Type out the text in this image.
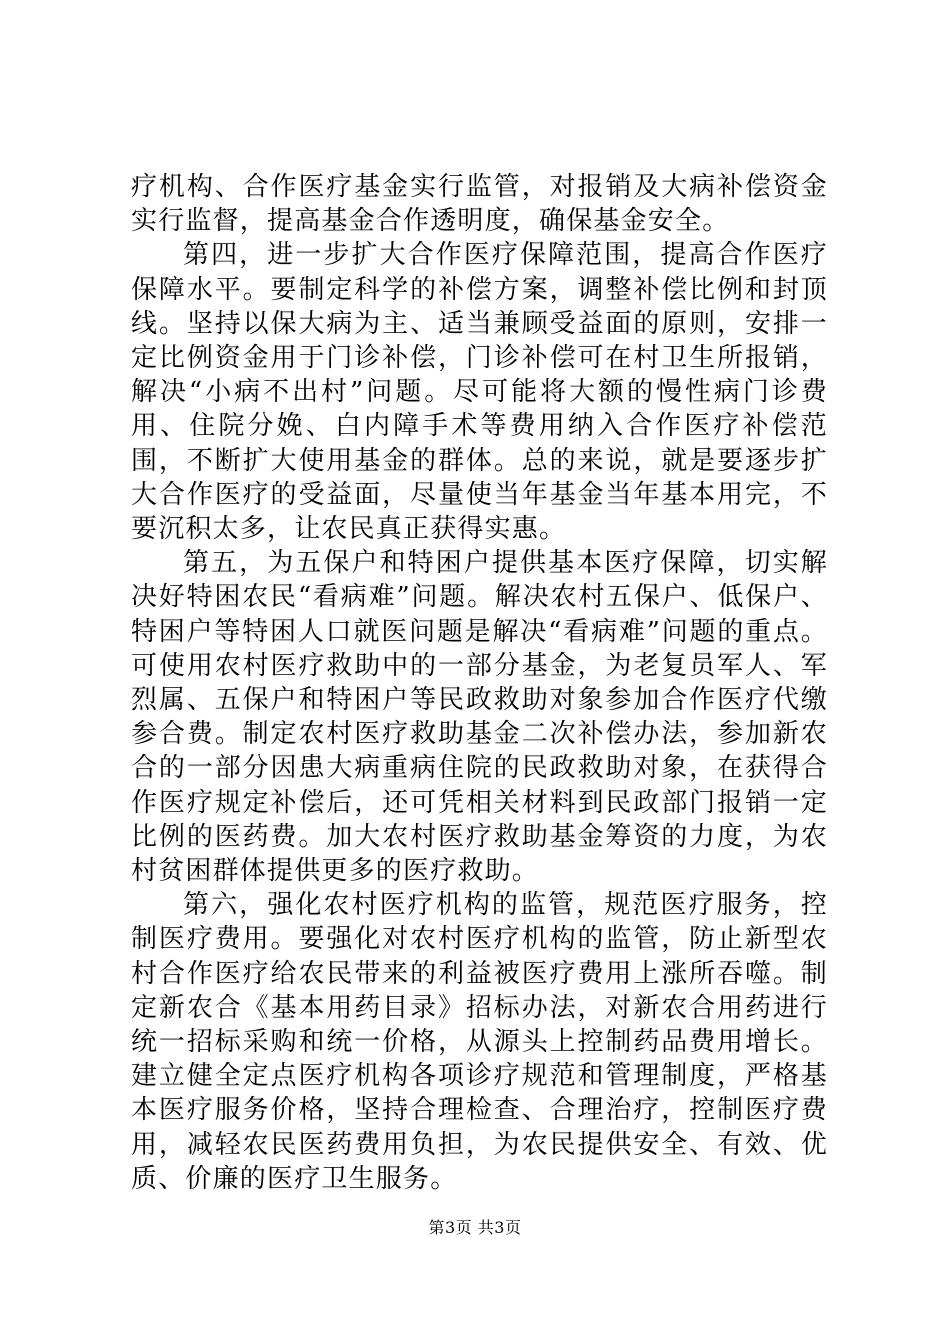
疗机构、合作医疗基金实行监管，对报销及大病补偿资金实行监督，提高基金合作透明度，确保基金安全。

第四，进一步扩大合作医疗保障范围，提高合作医疗保障水平。要制定科学的补偿方案，调整补偿比例和封顶线。坚持以保大病为主、适当兼顾受益面的原则，安排一定比例资金用于门诊补偿，门诊补偿可在村卫生所报销，解决“小病不出村”问题。尽可能将大额的慢性病门诊费用、住院分娩、白内障手术等费用纳入合作医疗补偿范围，不断扩大使用基金的群体。总的来说，就是要逐步扩大合作医疗的受益面，尽量使当年基金当年基本用完，不要沉积太多，让农民真正获得实惠。

第五，为五保户和特困户提供基本医疗保障，切实解决好特困农民“看病难”问题。解决农村五保户、低保户、特困户等特困人口就医问题是解决“看病难”问题的重点。可使用农村医疗救助中的一部分基金，为老复员军人、军烈属、五保户和特困户等民政救助对象参加合作医疗代缴参合费。制定农村医疗救助基金二次补偿办法，参加新农合的一部分因患大病重病住院的民政救助对象，在获得合作医疗规定补偿后，还可凭相关材料到民政部门报销一定比例的医药费。加大农村医疗救助基金筹资的力度，为农村贫困群体提供更多的医疗救助。

第六，强化农村医疗机构的监管，规范医疗服务，控制医疗费用。要强化对农村医疗机构的监管，防止新型农村合作医疗给农民带来的利益被医疗费用上涨所吞噬。制定新农合《基本用药目录》招标办法，对新农合用药进行统一招标采购和统一价格，从源头上控制药品费用增长。建立健全定点医疗机构各项诊疗规范和管理制度，严格基本医疗服务价格，坚持合理检查、合理治疗，控制医疗费用，减轻农民医药费用负担，为农民提供安全、有效、优质、价廉的医疗卫生服务。

第3页 共3页
